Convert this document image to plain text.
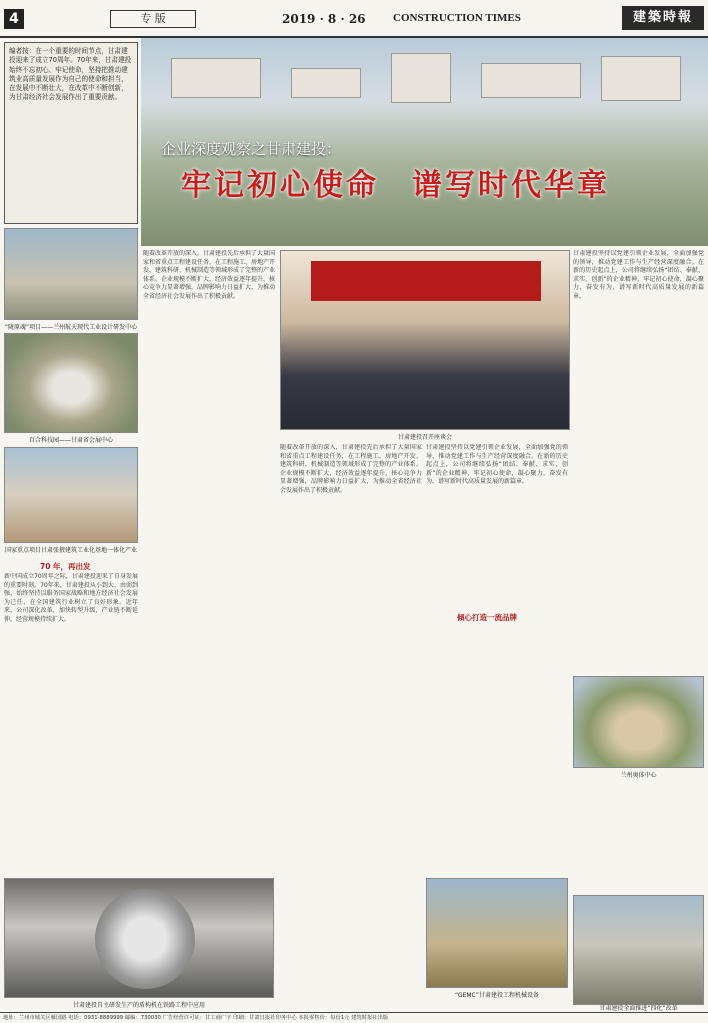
4	专 版	2019 · 8 · 26 CONSTRUCTION TIMES	建築時報
编者按：在一个重要的时间节点，甘肃建投迎来了成立70周年。70年来，甘肃建投始终不忘初心、牢记使命，坚持把推动建筑业高质量发展作为自己的使命和担当，在发展中不断壮大，在改革中不断创新，为甘肃经济社会发展作出了重要贡献。
企业深度观察之甘肃建投：
牢记初心使命　谱写时代华章
“陇原魂”项目——兰州航天现代工业设计研发中心
百合科技园——甘肃省会展中心
国家重点项目甘肃张掖建筑工业化基地一体化产业
70 年，再出发
新中国成立70周年之际，甘肃建投迎来了自身发展的重要时刻。70年来，甘肃建投从小到大、由弱到强，始终坚持以服务国家战略和地方经济社会发展为己任，在全国建筑行业树立了良好形象。近年来，公司深化改革，加快转型升级，产业链不断延伸，经营规模持续扩大。
随着改革开放的深入，甘肃建投先后承担了大量国家和省重点工程建设任务，在工程施工、房地产开发、建筑科研、机械制造等领域形成了完整的产业体系。企业规模不断扩大，经济效益逐年提升，核心竞争力显著增强，品牌影响力日益扩大，为推动全省经济社会发展作出了积极贡献。
甘肃建投召开座谈会
随着改革开放的深入，甘肃建投先后承担了大量国家和省重点工程建设任务，在工程施工、房地产开发、建筑科研、机械制造等领域形成了完整的产业体系。企业规模不断扩大，经济效益逐年提升，核心竞争力显著增强，品牌影响力日益扩大，为推动全省经济社会发展作出了积极贡献。
甘肃建投坚持以党建引领企业发展，全面加强党的领导，推动党建工作与生产经营深度融合。在新的历史起点上，公司将继续弘扬“团结、奉献、求实、创新”的企业精神，牢记初心使命，凝心聚力，奋发有为，谱写新时代高质量发展的新篇章。
甘肃建投坚持以党建引领企业发展，全面加强党的领导，推动党建工作与生产经营深度融合。在新的历史起点上，公司将继续弘扬“团结、奉献、求实、创新”的企业精神，牢记初心使命，凝心聚力，奋发有为，谱写新时代高质量发展的新篇章。
倾心打造一流品牌
兰州奥体中心
甘肃建投全面推进“四化”改革
甘肃建投自主研发生产的盾构机在铁路工程中应用
“GEMC”甘肃建投工程机械设备
地址：兰州市城关区雁园路 电话：0931-8889999 邮编：730030 广告经营许可证：甘工商广字 印刷：甘肃日报社印务中心 本报零售价：每份1元 建筑时报社出版
